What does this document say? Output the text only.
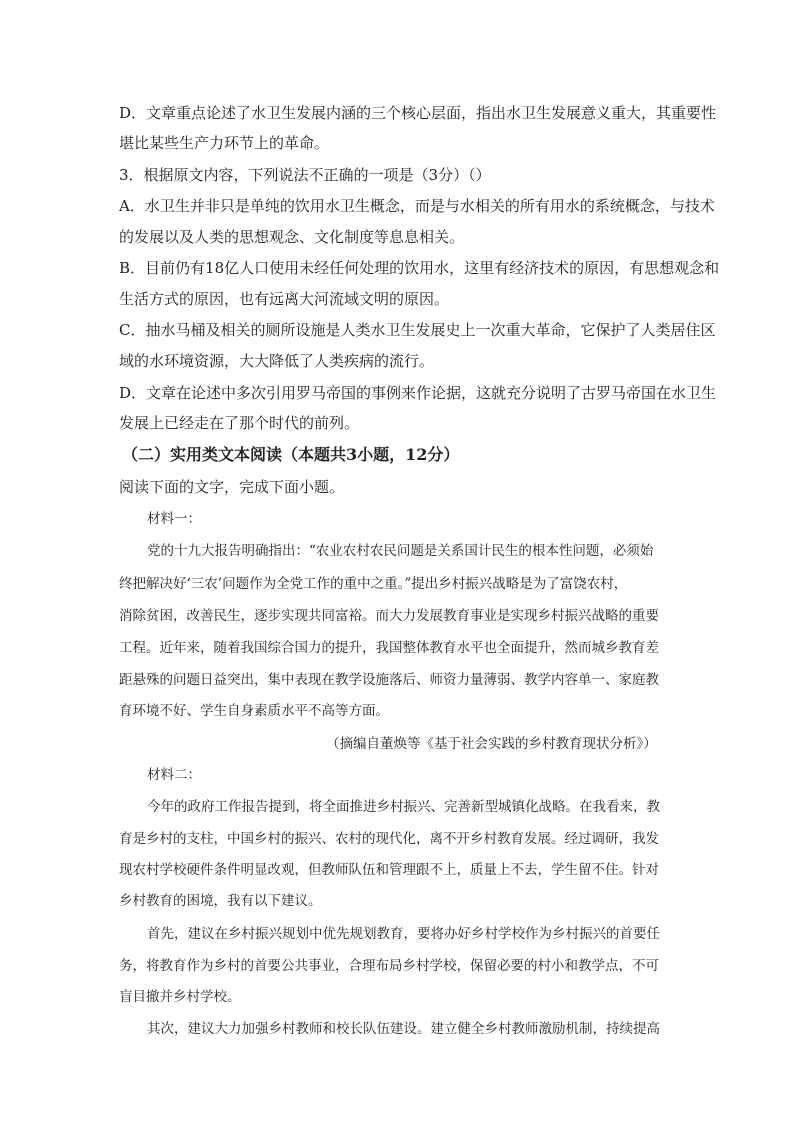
D．文章重点论述了水卫生发展内涵的三个核心层面，指出水卫生发展意义重大，其重要性
堪比某些生产力环节上的革命。
3．根据原文内容，下列说法不正确的一项是（3分）（）
A．水卫生并非只是单纯的饮用水卫生概念，而是与水相关的所有用水的系统概念，与技术
的发展以及人类的思想观念、文化制度等息息相关。
B．目前仍有18亿人口使用未经任何处理的饮用水，这里有经济技术的原因，有思想观念和
生活方式的原因，也有远离大河流域文明的原因。
C．抽水马桶及相关的厕所设施是人类水卫生发展史上一次重大革命，它保护了人类居住区
域的水环境资源，大大降低了人类疾病的流行。
D．文章在论述中多次引用罗马帝国的事例来作论据，这就充分说明了古罗马帝国在水卫生
发展上已经走在了那个时代的前列。
（二）实用类文本阅读（本题共3小题，12分）
阅读下面的文字，完成下面小题。
材料一：
党的十九大报告明确指出：“农业农村农民问题是关系国计民生的根本性问题，必须始
终把解决好‘三农’问题作为全党工作的重中之重。”提出乡村振兴战略是为了富饶农村，
消除贫困，改善民生，逐步实现共同富裕。而大力发展教育事业是实现乡村振兴战略的重要
工程。近年来，随着我国综合国力的提升，我国整体教育水平也全面提升，然而城乡教育差
距悬殊的问题日益突出，集中表现在教学设施落后、师资力量薄弱、教学内容单一、家庭教
育环境不好、学生自身素质水平不高等方面。
（摘编自董焕等《基于社会实践的乡村教育现状分析》）
材料二：
今年的政府工作报告提到，将全面推进乡村振兴、完善新型城镇化战略。在我看来，教
育是乡村的支柱，中国乡村的振兴、农村的现代化，离不开乡村教育发展。经过调研，我发
现农村学校硬件条件明显改观，但教师队伍和管理跟不上，质量上不去，学生留不住。针对
乡村教育的困境，我有以下建议。
首先，建议在乡村振兴规划中优先规划教育，要将办好乡村学校作为乡村振兴的首要任
务，将教育作为乡村的首要公共事业，合理布局乡村学校，保留必要的村小和教学点，不可
盲目撤并乡村学校。
其次，建议大力加强乡村教师和校长队伍建设。建立健全乡村教师激励机制，持续提高
